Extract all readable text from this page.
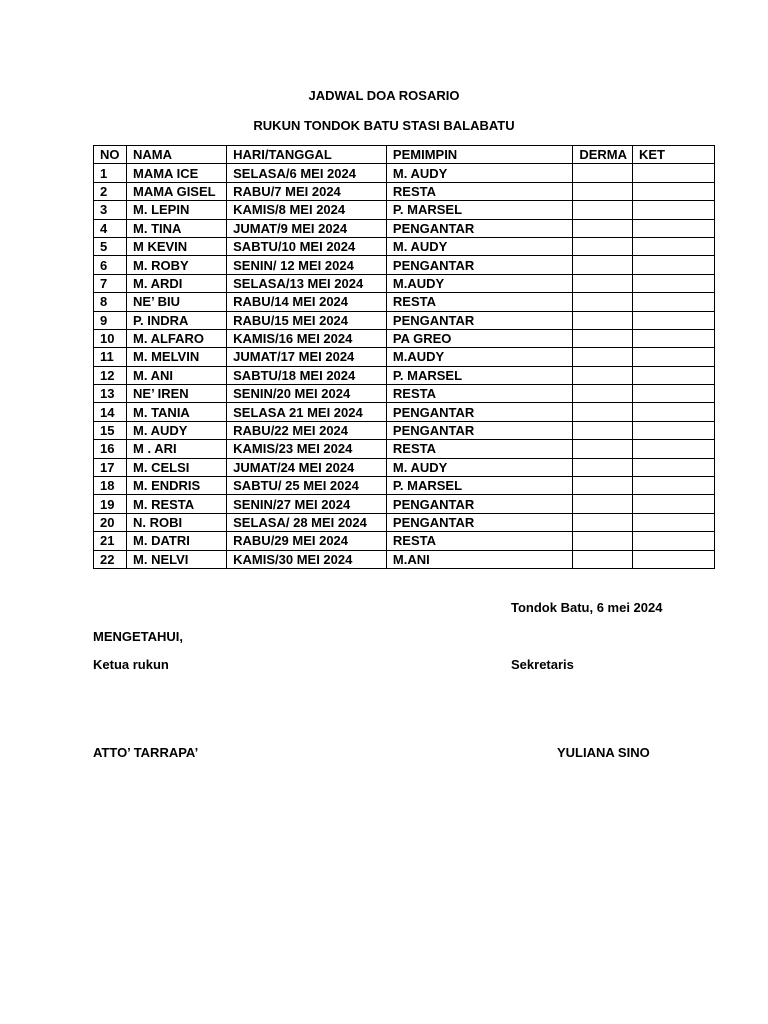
JADWAL DOA ROSARIO
RUKUN TONDOK BATU STASI BALABATU
NO	NAMA	HARI/TANGGAL	PEMIMPIN	DERMA	KET
1	MAMA ICE	SELASA/6 MEI 2024	M. AUDY		
2	MAMA GISEL	RABU/7 MEI 2024	RESTA		
3	M. LEPIN	KAMIS/8 MEI 2024	P. MARSEL		
4	M. TINA	JUMAT/9 MEI 2024	PENGANTAR		
5	M KEVIN	SABTU/10 MEI 2024	M. AUDY		
6	M. ROBY	SENIN/ 12 MEI 2024	PENGANTAR		
7	M. ARDI	SELASA/13 MEI 2024	M.AUDY		
8	NE’ BIU	RABU/14 MEI 2024	RESTA		
9	P. INDRA	RABU/15 MEI 2024	PENGANTAR		
10	M. ALFARO	KAMIS/16 MEI 2024	PA GREO		
11	M. MELVIN	JUMAT/17 MEI 2024	M.AUDY		
12	M. ANI	SABTU/18 MEI 2024	P. MARSEL		
13	NE’ IREN	SENIN/20 MEI 2024	RESTA		
14	M. TANIA	SELASA 21 MEI 2024	PENGANTAR		
15	M. AUDY	RABU/22 MEI 2024	PENGANTAR		
16	M . ARI	KAMIS/23 MEI 2024	RESTA		
17	M. CELSI	JUMAT/24 MEI 2024	M. AUDY		
18	M. ENDRIS	SABTU/ 25 MEI 2024	P. MARSEL		
19	M. RESTA	SENIN/27 MEI 2024	PENGANTAR		
20	N. ROBI	SELASA/ 28 MEI 2024	PENGANTAR		
21	M. DATRI	RABU/29 MEI 2024	RESTA		
22	M. NELVI	KAMIS/30 MEI 2024	M.ANI		
Tondok Batu, 6 mei 2024
MENGETAHUI,
Ketua rukun	Sekretaris
ATTO’ TARRAPA’	YULIANA SINO
